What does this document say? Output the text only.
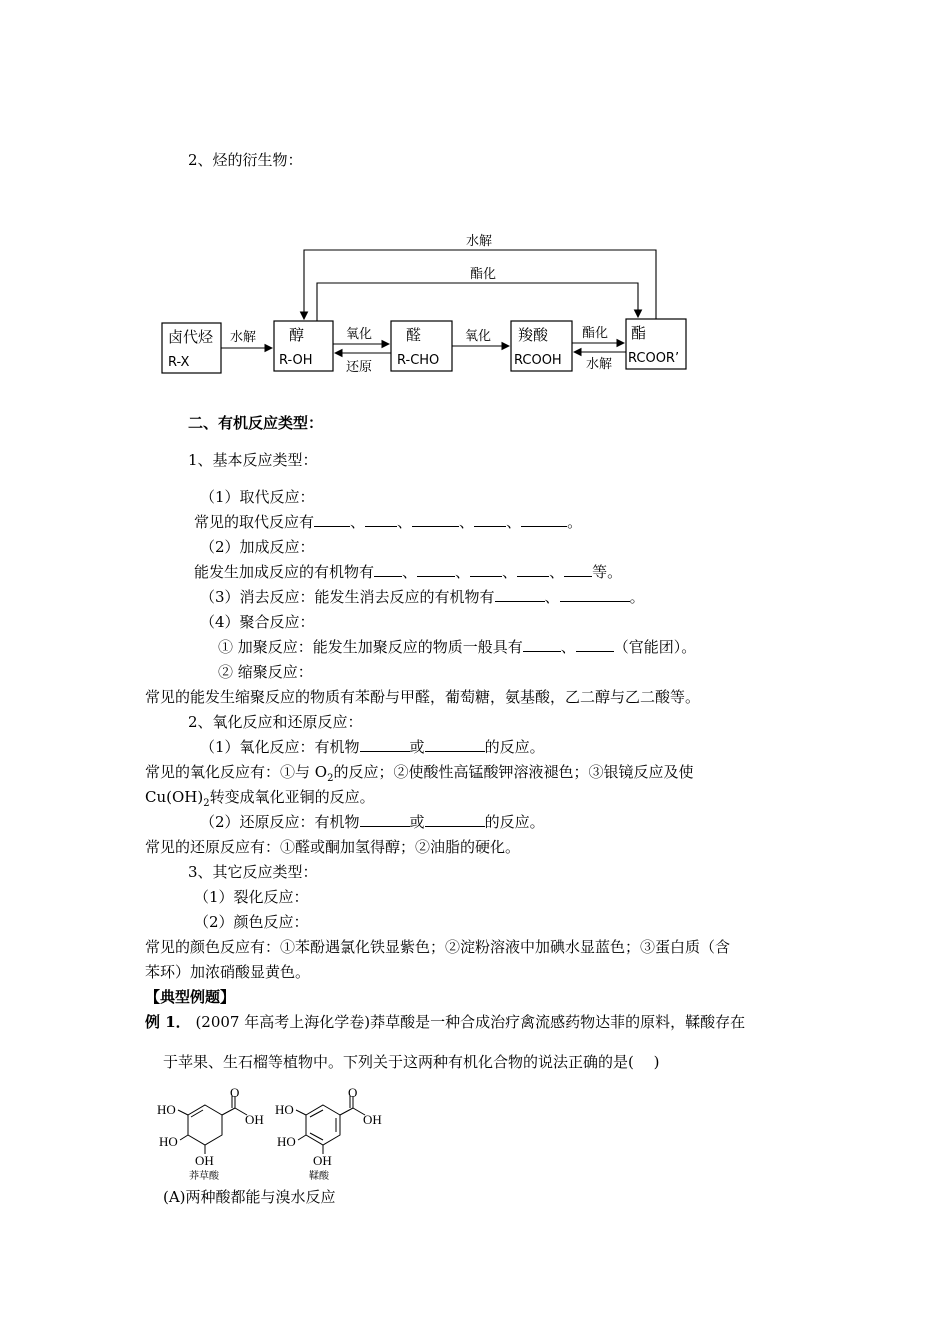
2、烃的衍生物：
卤代烃
R-X
醇
R-OH
醛
R-CHO
羧酸
RCOOH
酯
RCOOR’
水解	氧化
还原
氧化	酯化
水解
水解
酯化
二、有机反应类型：
1、基本反应类型：
（1）取代反应：
常见的取代反应有 、 、	、 、	。
（2）加成反应：
能发生加成反应的有机物有 、	、 、 、 等。
（3）消去反应：能发生消去反应的有机物有	、	。
（4）聚合反应：
① 加聚反应：能发生加聚反应的物质一般具有	、	（官能团）。
② 缩聚反应：
常见的能发生缩聚反应的物质有苯酚与甲醛，葡萄糖，氨基酸，乙二醇与乙二酸等。
2、氧化反应和还原反应：
（1）氧化反应：有机物	或	的反应。
常见的氧化反应有：①与 $O_2$的反应；②使酸性高锰酸钾溶液褪色；③银镜反应及使
$Cu(OH)_2$转变成氧化亚铜的反应。
（2）还原反应：有机物	或	的反应。
常见的还原反应有：①醛或酮加氢得醇；②油脂的硬化。
3、其它反应类型：
（1）裂化反应：
（2）颜色反应：
常见的颜色反应有：①苯酚遇氯化铁显紫色；②淀粉溶液中加碘水显蓝色；③蛋白质（含
苯环）加浓硝酸显黄色。
【典型例题】
例 1． (2007 年高考上海化学卷)莽草酸是一种合成治疗禽流感药物达菲的原料，鞣酸存在
于苹果、生石榴等植物中。下列关于这两种有机化合物的说法正确的是(　 )
O
OH
HO
HO
OH
莽草酸
O
OH
HO
HO
OH
鞣酸
(A)两种酸都能与溴水反应
